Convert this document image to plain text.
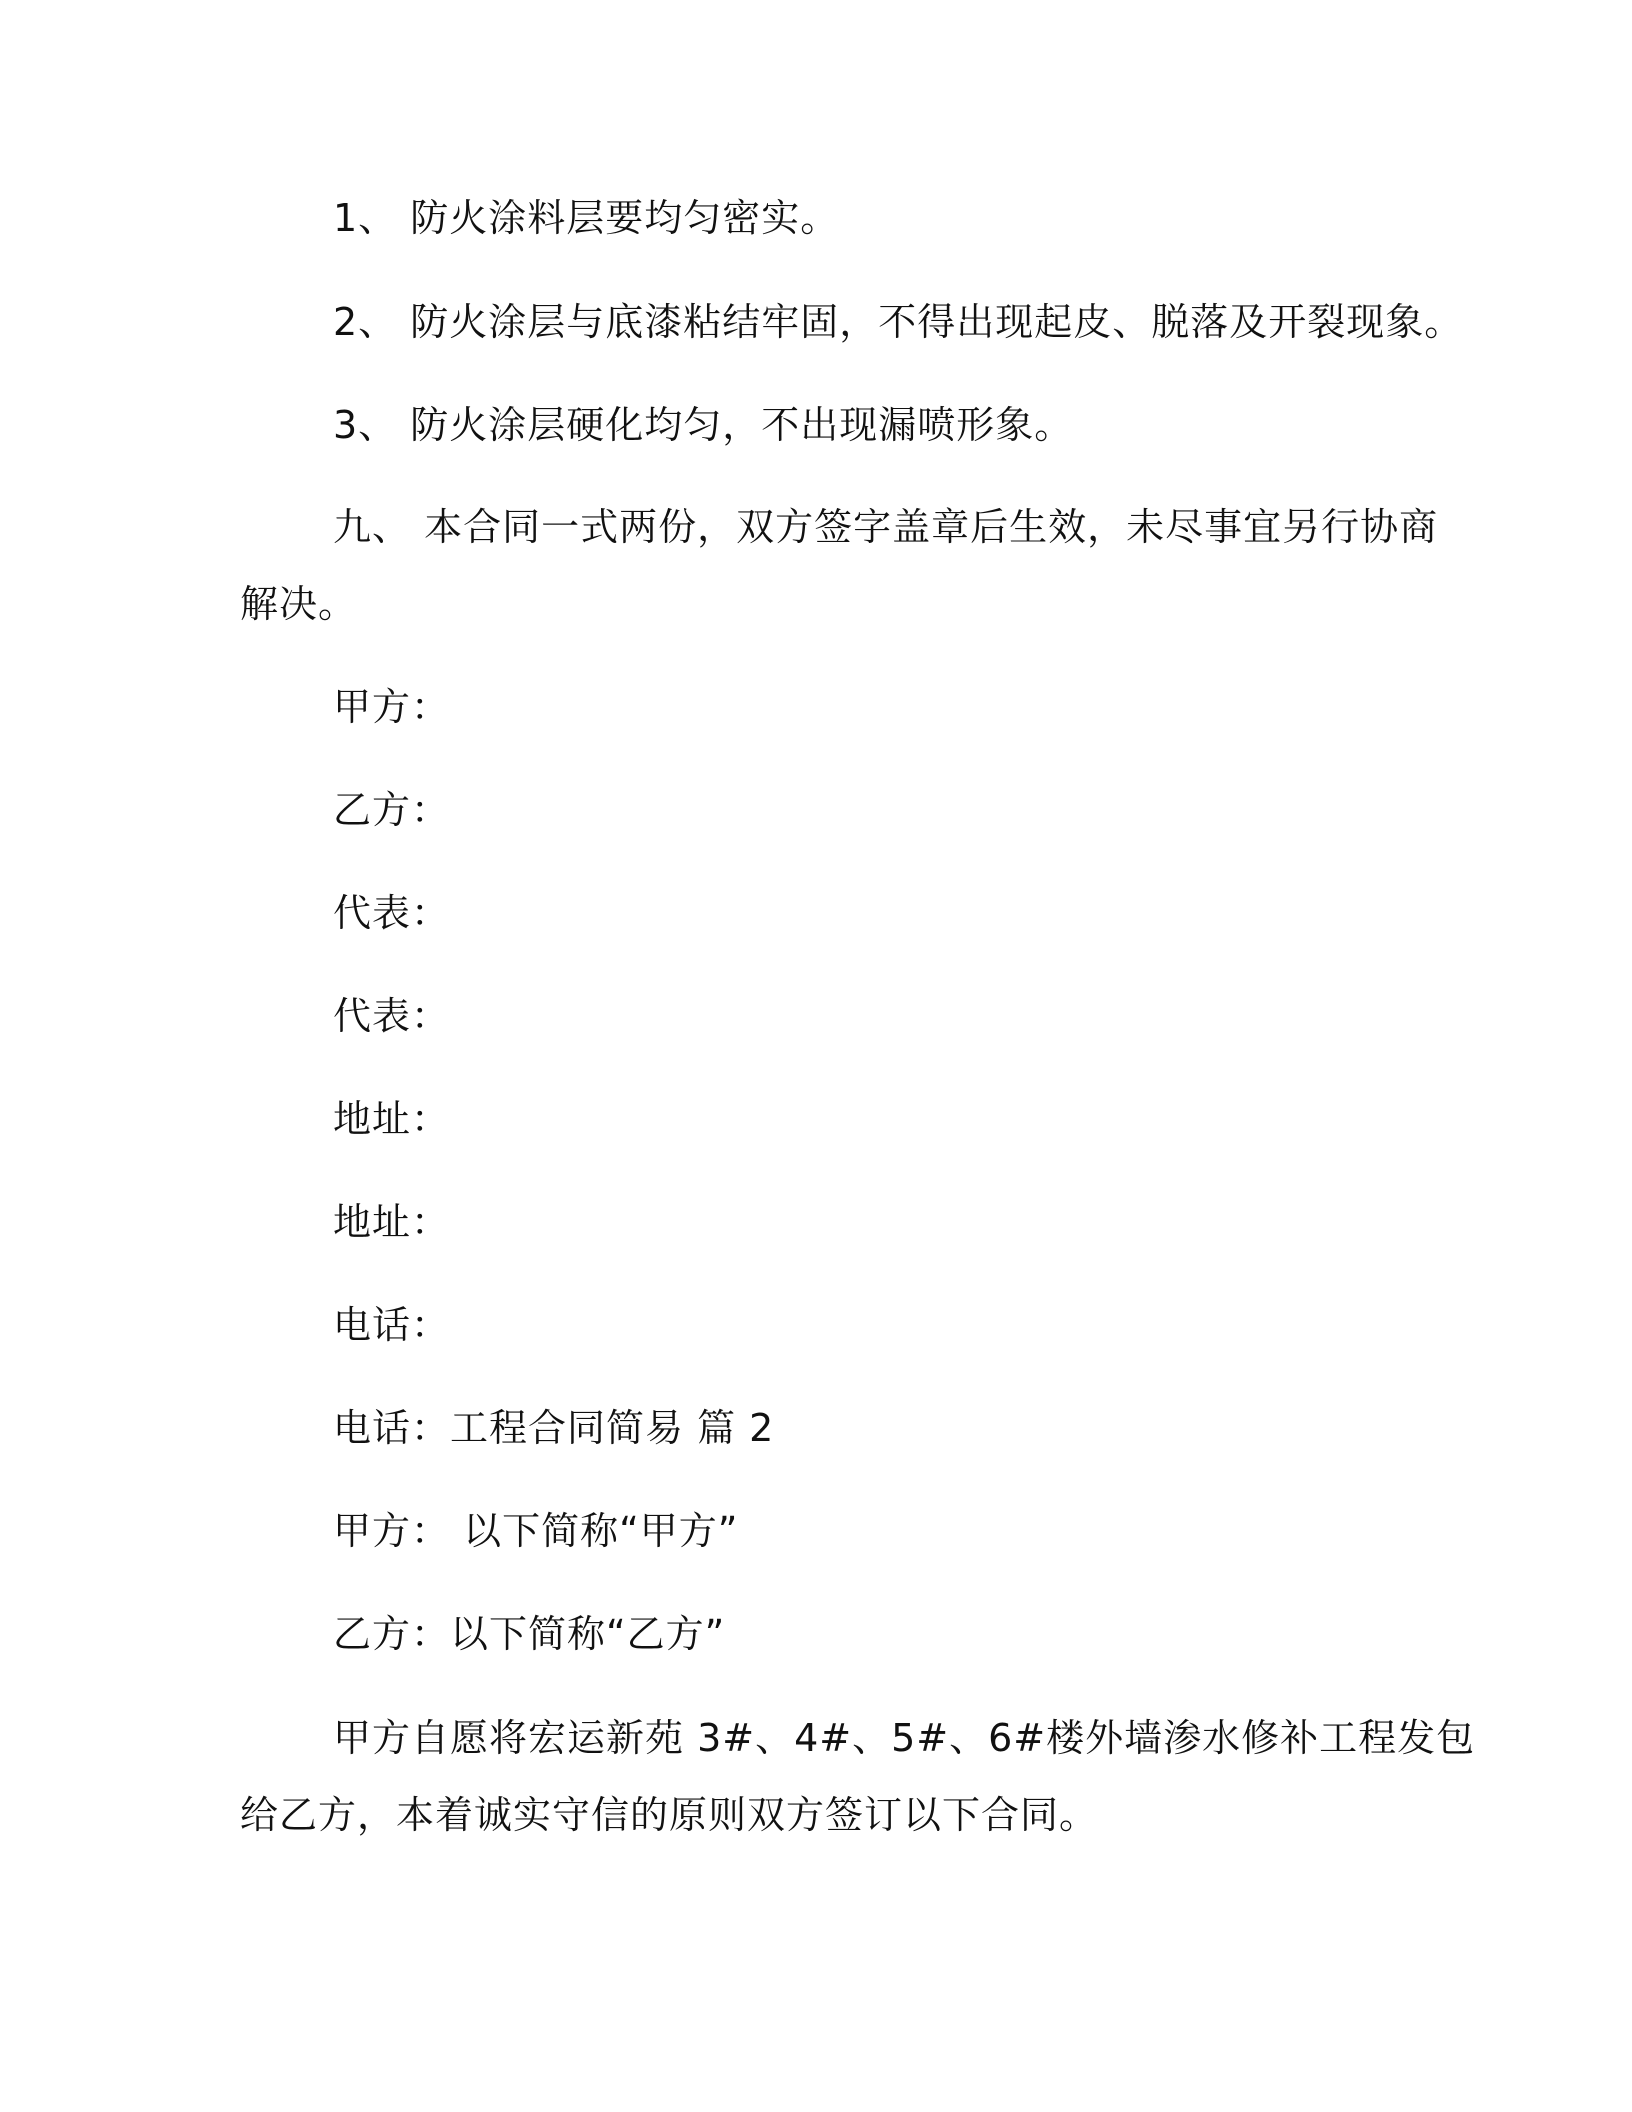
1、 防火涂料层要均匀密实。
2、 防火涂层与底漆粘结牢固，不得出现起皮、脱落及开裂现象。
3、 防火涂层硬化均匀，不出现漏喷形象。
九、 本合同一式两份，双方签字盖章后生效，未尽事宜另行协商
解决。
甲方：
乙方：
代表：
代表：
地址：
地址：
电话：
电话：工程合同简易 篇 2
甲方： 以下简称“甲方”
乙方：以下简称“乙方”
甲方自愿将宏运新苑 3#、4#、5#、6#楼外墙渗水修补工程发包
给乙方，本着诚实守信的原则双方签订以下合同。
